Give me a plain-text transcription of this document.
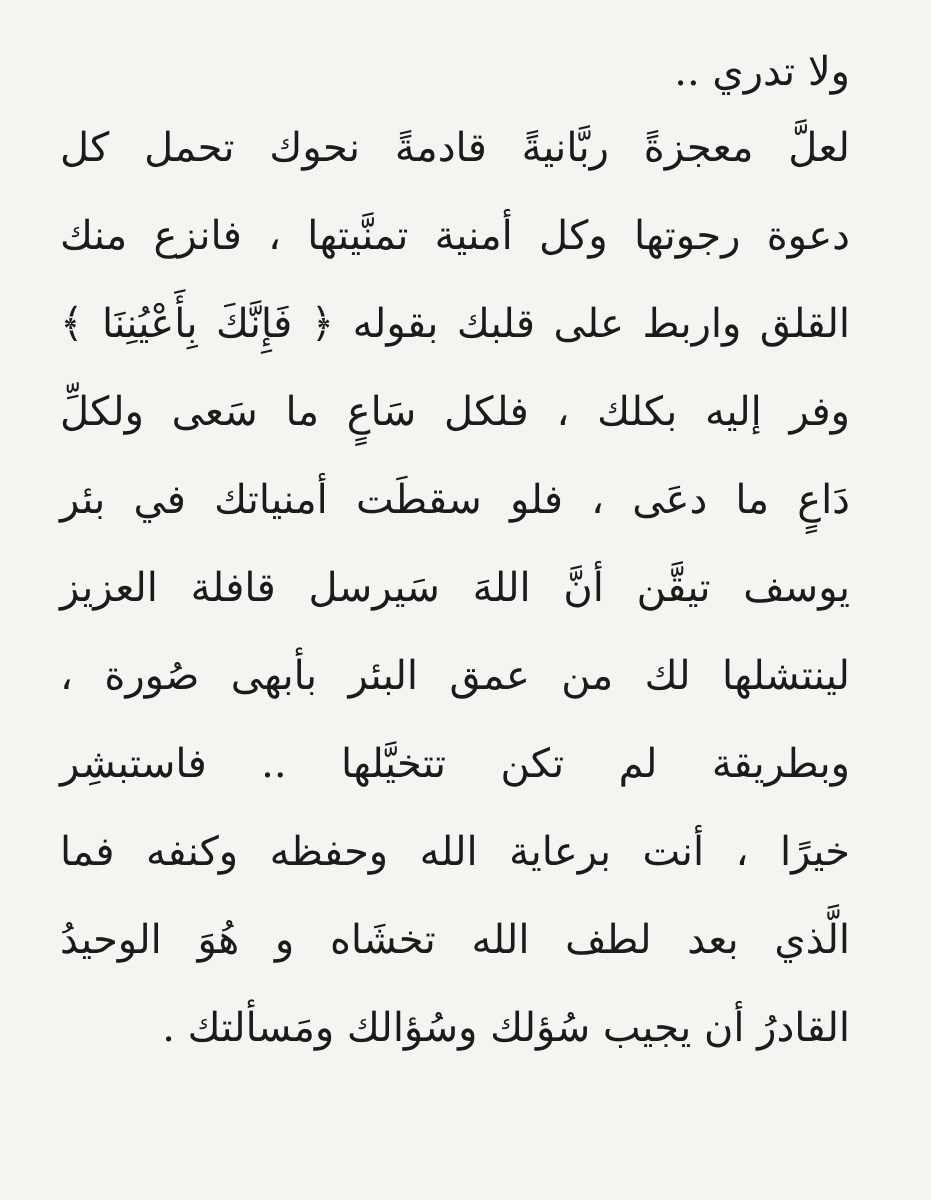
ولا تدري ..
لعلَّ معجزةً ربَّانيةً قادمةً نحوك تحمل كل
دعوة رجوتها وكل أمنية تمنَّيتها ، فانزع منك
القلق واربط على قلبك بقوله ﴿ فَإِنَّكَ بِأَعْيُنِنَا ﴾
وفر إليه بكلك ، فلكل سَاعٍ ما سَعى ولكلِّ
دَاعٍ ما دعَى ، فلو سقطَت أمنياتك في بئر
يوسف تيقَّن أنَّ اللهَ سَيرسل قافلة العزيز
لينتشلها لك من عمق البئر بأبهى صُورة ،
وبطريقة لم تكن تتخيَّلها .. فاستبشِر
خيرًا ، أنت برعاية الله وحفظه وكنفه فما
الَّذي بعد لطف الله تخشَاه و هُوَ الوحيدُ
القادرُ أن يجيب سُؤلك وسُؤالك ومَسألتك .
